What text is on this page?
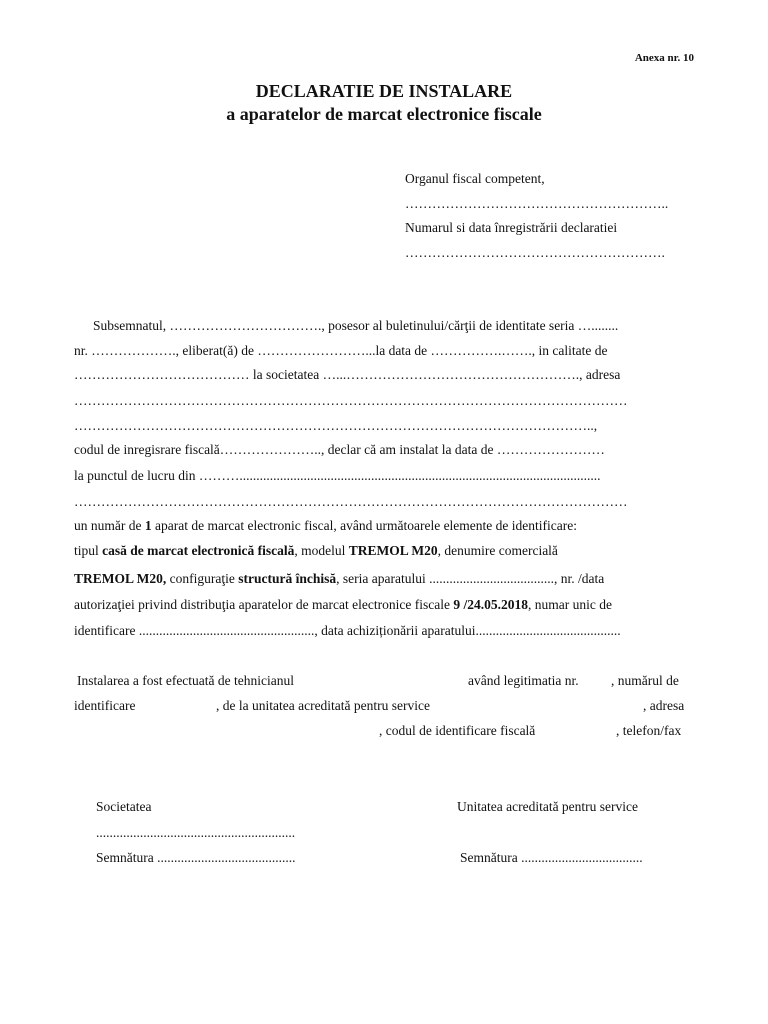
Anexa nr. 10
DECLARATIE DE INSTALARE
a aparatelor de marcat electronice fiscale
Organul fiscal competent,
…………………………………………………..
Numarul si data înregistrării declaratiei
………………………………………………….
Subsemnatul, ……………………………., posesor al buletinului/cărţii de identitate seria …........
nr. ………………., eliberat(ă) de ……………………...la data de …………….……., in calitate de
………………………………… la societatea …...……………………………………………., adresa
……………………………………………………………………………………………………………
……………………………………………………………………………………………………..,
codul de inregisrare fiscală………………….., declar că am instalat la data de ……………………
la punctul de lucru din ………...........................................................................................................
……………………………………………………………………………………………………………
un număr de 1 aparat de marcat electronic fiscal, având următoarele elemente de identificare:
tipul casă de marcat electronică fiscală, modelul TREMOL M20, denumire comercială
TREMOL M20, configuraţie structură închisă, seria aparatului ....................................., nr. /data
autorizaţiei privind distribuţia aparatelor de marcat electronice fiscale 9 /24.05.2018, numar unic de
identificare ...................................................., data achiziționării aparatului...........................................
Instalarea a fost efectuată de tehnicianul	având legitimatia nr. , numărul de
identificare	, de la unitatea acreditată pentru service	, adresa
, codul de identificare fiscală	, telefon/fax
Societatea
...........................................................
Semnătura .........................................
Unitatea acreditată pentru service
Semnătura ....................................
